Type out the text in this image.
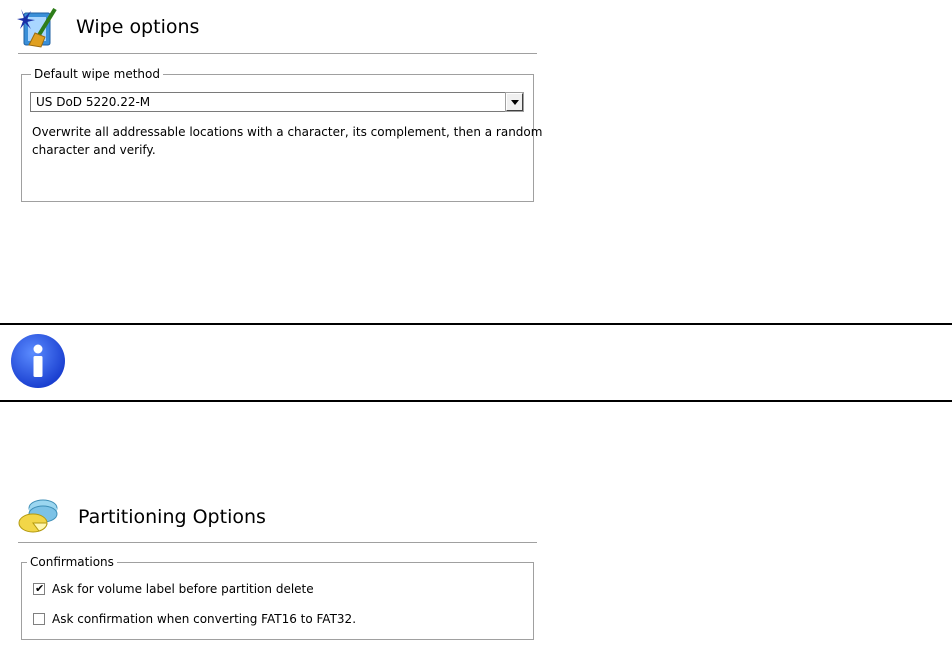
Wipe options
Default wipe method
US DoD 5220.22-M
Overwrite all addressable locations with a character, its complement, then a random
character and verify.
Partitioning Options
Confirmations
✔ Ask for volume label before partition delete
Ask confirmation when converting FAT16 to FAT32.
